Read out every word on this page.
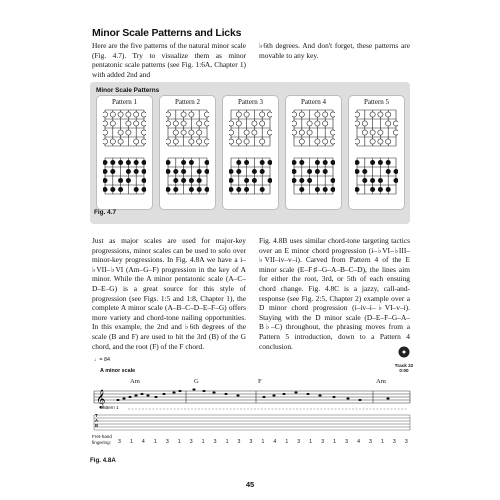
Minor Scale Patterns and Licks

Here are the five patterns of the natural minor scale (Fig. 4.7). Try to visualize them as minor pentatonic scale patterns (see Fig. 1:6A, Chapter 1) with added 2nd and

♭6th degrees. And don't forget, these patterns are movable to any key.

Minor Scale Patterns
Pattern 1	Pattern 2	Pattern 3	Pattern 4	Pattern 5
Fig. 4.7

Just as major scales are used for major-key progressions, minor scales can be used to solo over minor-key progressions. In Fig. 4.8A we have a i–♭VII–♭VI (Am–G–F) progression in the key of A minor. While the A minor pentatonic scale (A–C–D–E–G) is a great source for this style of progression (see Figs. 1:5 and 1:8, Chapter 1), the complete A minor scale (A–B–C–D–E–F–G) offers more variety and chord-tone nailing opportunities. In this example, the 2nd and ♭6th degrees of the scale (B and F) are used to hit the 3rd (B) of the G chord, and the root (F) of the F chord.

Fig. 4.8B uses similar chord-tone targeting tactics over an E minor chord progression (i–♭VI–♭III–♭VII–iv–v–i). Carved from Pattern 4 of the E minor scale (E–F♯–G–A–B–C–D), the lines aim for either the root, 3rd, or 5th of each ensuing chord change. Fig. 4.8C is a jazzy, call-and-response (see Fig. 2:5, Chapter 2) example over a D minor chord progression (i–iv–i–♭VI–v–i). Staying with the D minor scale (D–E–F–G–A–B♭–C) throughout, the phrasing moves from a Pattern 5 introduction, down to a Pattern 4 conclusion.

♩= 84
Track 22
0:00
A minor scale
Am	G	F	Am
𝄞
Pattern 1
T
A
B
Fret-hand fingering: 3 1 4 1 3 1 3 1 3 1 3 3 1 4 1 3 1 3 1 3 4 3 1 3 3
Fig. 4.8A
45
